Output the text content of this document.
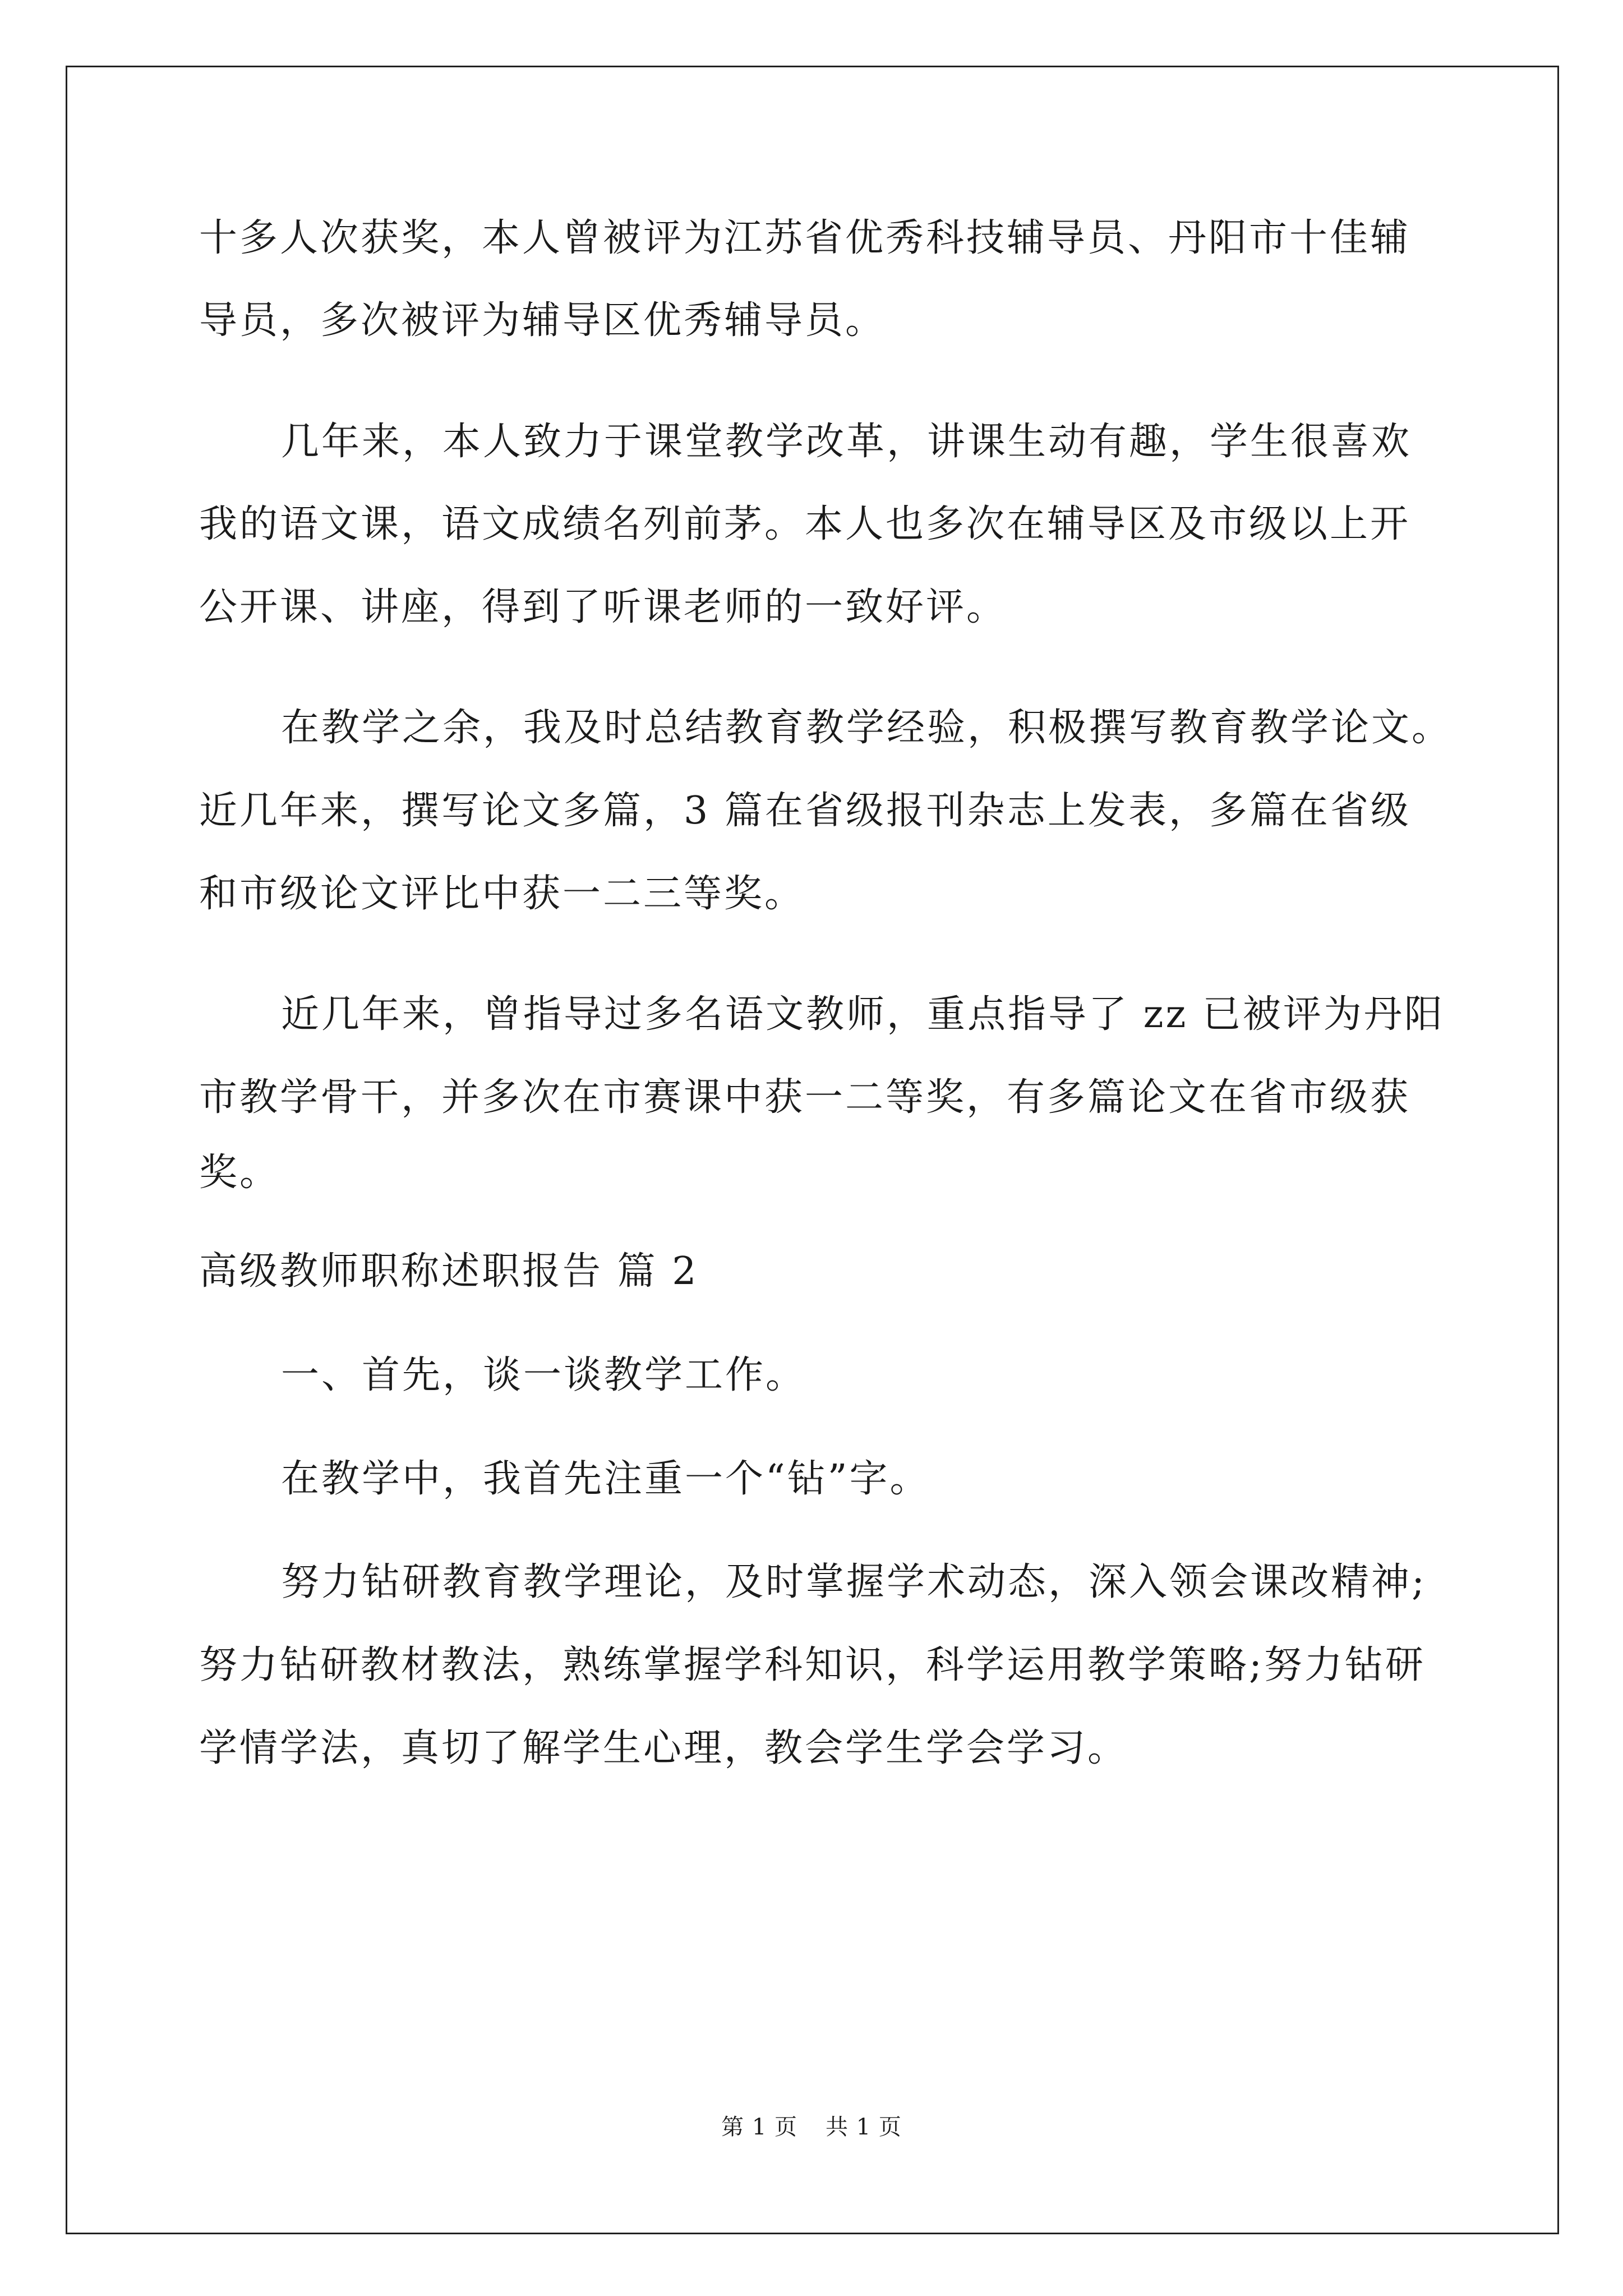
十多人次获奖，本人曾被评为江苏省优秀科技辅导员、丹阳市十佳辅
导员，多次被评为辅导区优秀辅导员。
几年来，本人致力于课堂教学改革，讲课生动有趣，学生很喜欢
我的语文课，语文成绩名列前茅。本人也多次在辅导区及市级以上开
公开课、讲座，得到了听课老师的一致好评。
在教学之余，我及时总结教育教学经验，积极撰写教育教学论文。
近几年来，撰写论文多篇，3 篇在省级报刊杂志上发表，多篇在省级
和市级论文评比中获一二三等奖。
近几年来，曾指导过多名语文教师，重点指导了 zz 已被评为丹阳
市教学骨干，并多次在市赛课中获一二等奖，有多篇论文在省市级获
奖。
高级教师职称述职报告 篇 2
一、首先，谈一谈教学工作。
在教学中，我首先注重一个“钻”字。
努力钻研教育教学理论，及时掌握学术动态，深入领会课改精神;
努力钻研教材教法，熟练掌握学科知识，科学运用教学策略;努力钻研
学情学法，真切了解学生心理，教会学生学会学习。
第 1 页 共 1 页
